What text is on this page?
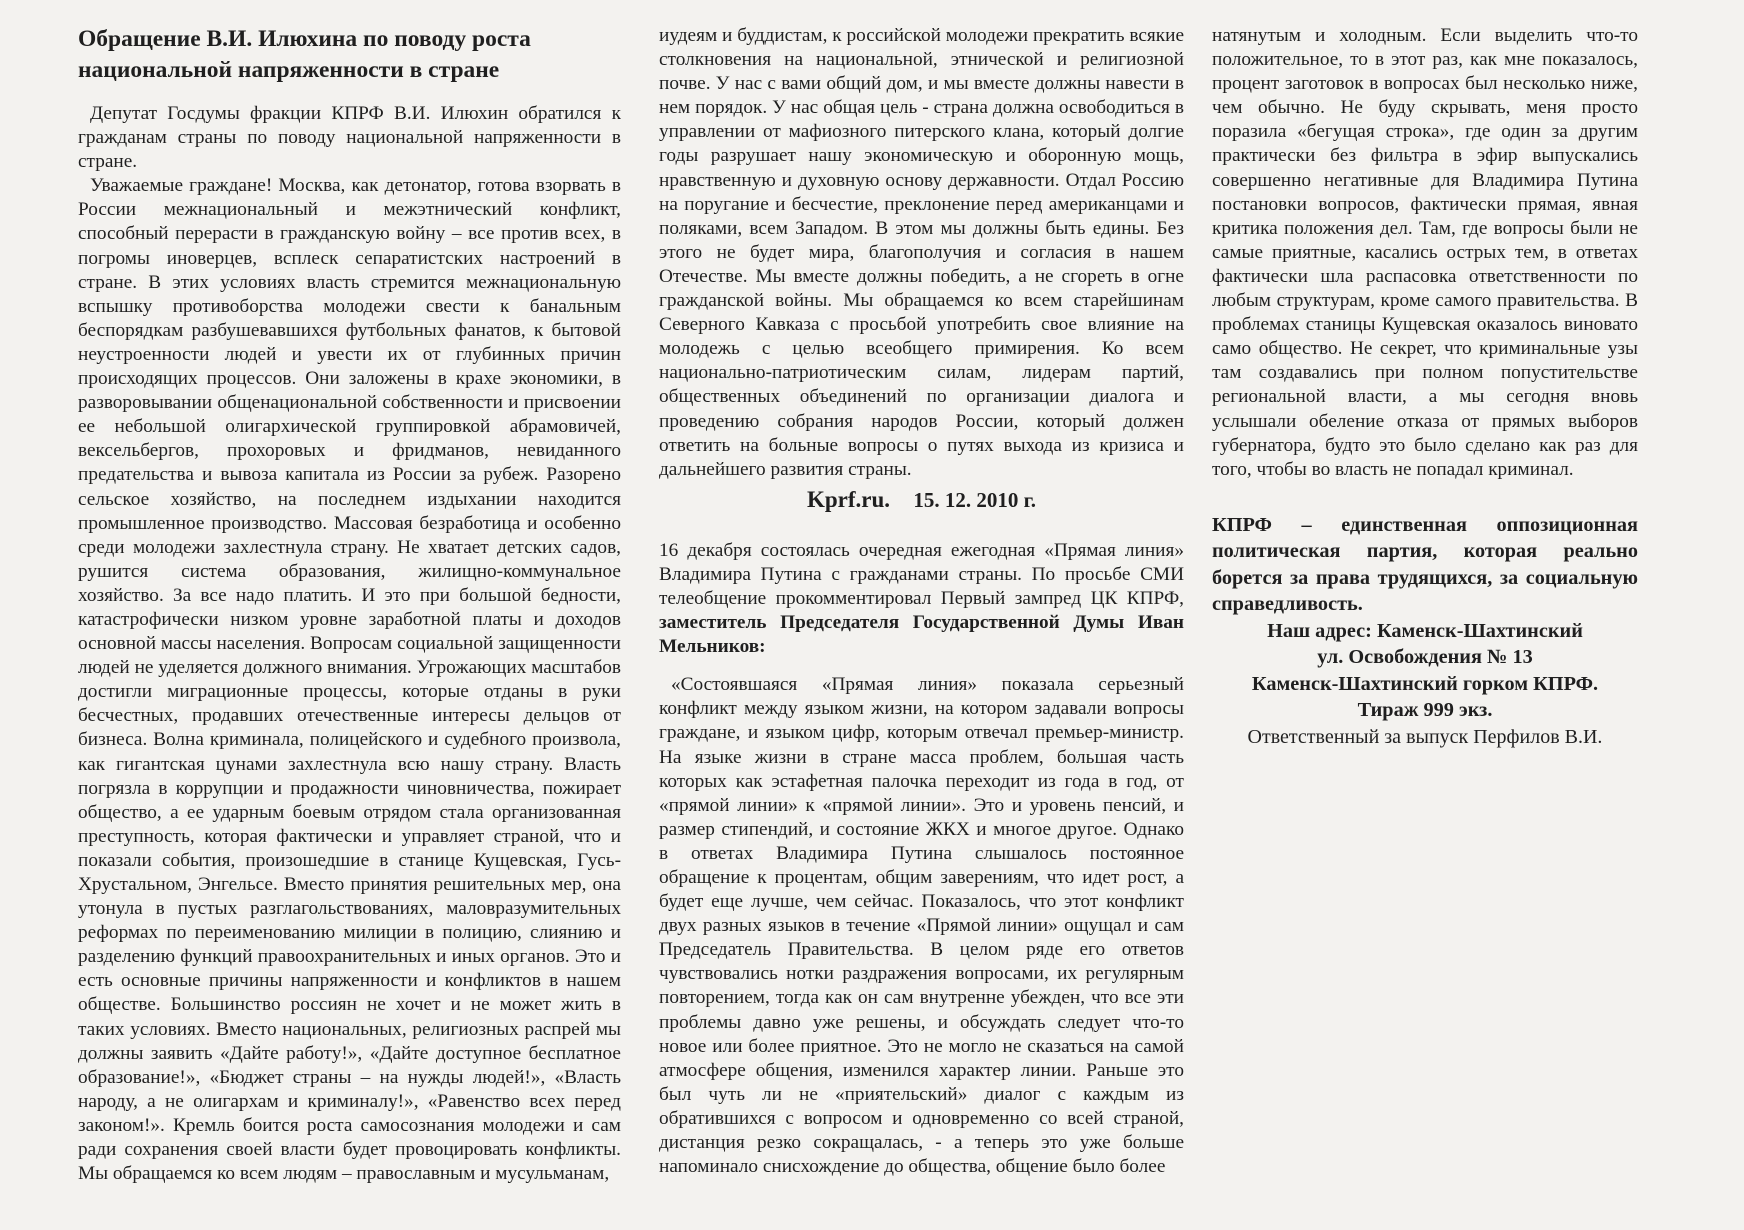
Обращение В.И. Илюхина по поводу роста национальной напряженности в стране

Депутат Госдумы фракции КПРФ В.И. Илюхин обратился к гражданам страны по поводу национальной напряженности в стране.

Уважаемые граждане! Москва, как детонатор, готова взорвать в России межнациональный и межэтнический конфликт, способный перерасти в гражданскую войну – все против всех, в погромы иноверцев, всплеск сепаратистских настроений в стране. В этих условиях власть стремится межнациональную вспышку противоборства молодежи свести к банальным беспорядкам разбушевавшихся футбольных фанатов, к бытовой неустроенности людей и увести их от глубинных причин происходящих процессов. Они заложены в крахе экономики, в разворовывании общенациональной собственности и присвоении ее небольшой олигархической группировкой абрамовичей, вексельбергов, прохоровых и фридманов, невиданного предательства и вывоза капитала из России за рубеж. Разорено сельское хозяйство, на последнем издыхании находится промышленное производство. Массовая безработица и особенно среди молодежи захлестнула страну. Не хватает детских садов, рушится система образования, жилищно-коммунальное хозяйство. За все надо платить. И это при большой бедности, катастрофически низком уровне заработной платы и доходов основной массы населения. Вопросам социальной защищенности людей не уделяется должного внимания. Угрожающих масштабов достигли миграционные процессы, которые отданы в руки бесчестных, продавших отечественные интересы дельцов от бизнеса. Волна криминала, полицейского и судебного произвола, как гигантская цунами захлестнула всю нашу страну. Власть погрязла в коррупции и продажности чиновничества, пожирает общество, а ее ударным боевым отрядом стала организованная преступность, которая фактически и управляет страной, что и показали события, произошедшие в станице Кущевская, Гусь-Хрустальном, Энгельсе. Вместо принятия решительных мер, она утонула в пустых разглагольствованиях, маловразумительных реформах по переименованию милиции в полицию, слиянию и разделению функций правоохранительных и иных органов. Это и есть основные причины напряженности и конфликтов в нашем обществе. Большинство россиян не хочет и не может жить в таких условиях. Вместо национальных, религиозных распрей мы должны заявить «Дайте работу!», «Дайте доступное бесплатное образование!», «Бюджет страны – на нужды людей!», «Власть народу, а не олигархам и криминалу!», «Равенство всех перед законом!». Кремль боится роста самосознания молодежи и сам ради сохранения своей власти будет провоцировать конфликты. Мы обращаемся ко всем людям – православным и мусульманам,

иудеям и буддистам, к российской молодежи прекратить всякие столкновения на национальной, этнической и религиозной почве. У нас с вами общий дом, и мы вместе должны навести в нем порядок. У нас общая цель - страна должна освободиться в управлении от мафиозного питерского клана, который долгие годы разрушает нашу экономическую и оборонную мощь, нравственную и духовную основу державности. Отдал Россию на поругание и бесчестие, преклонение перед американцами и поляками, всем Западом. В этом мы должны быть едины. Без этого не будет мира, благополучия и согласия в нашем Отечестве. Мы вместе должны победить, а не сгореть в огне гражданской войны. Мы обращаемся ко всем старейшинам Северного Кавказа с просьбой употребить свое влияние на молодежь с целью всеобщего примирения. Ко всем национально-патриотическим силам, лидерам партий, общественных объединений по организации диалога и проведению собрания народов России, который должен ответить на больные вопросы о путях выхода из кризиса и дальнейшего развития страны.

Kprf.ru. 15. 12. 2010 г.

16 декабря состоялась очередная ежегодная «Прямая линия» Владимира Путина с гражданами страны. По просьбе СМИ телеобщение прокомментировал Первый зампред ЦК КПРФ, заместитель Председателя Государственной Думы Иван Мельников:

«Состоявшаяся «Прямая линия» показала серьезный конфликт между языком жизни, на котором задавали вопросы граждане, и языком цифр, которым отвечал премьер-министр. На языке жизни в стране масса проблем, большая часть которых как эстафетная палочка переходит из года в год, от «прямой линии» к «прямой линии». Это и уровень пенсий, и размер стипендий, и состояние ЖКХ и многое другое. Однако в ответах Владимира Путина слышалось постоянное обращение к процентам, общим заверениям, что идет рост, а будет еще лучше, чем сейчас. Показалось, что этот конфликт двух разных языков в течение «Прямой линии» ощущал и сам Председатель Правительства. В целом ряде его ответов чувствовались нотки раздражения вопросами, их регулярным повторением, тогда как он сам внутренне убежден, что все эти проблемы давно уже решены, и обсуждать следует что-то новое или более приятное. Это не могло не сказаться на самой атмосфере общения, изменился характер линии. Раньше это был чуть ли не «приятельский» диалог с каждым из обратившихся с вопросом и одновременно со всей страной, дистанция резко сокращалась, - а теперь это уже больше напоминало снисхождение до общества, общение было более

натянутым и холодным. Если выделить что-то положительное, то в этот раз, как мне показалось, процент заготовок в вопросах был несколько ниже, чем обычно. Не буду скрывать, меня просто поразила «бегущая строка», где один за другим практически без фильтра в эфир выпускались совершенно негативные для Владимира Путина постановки вопросов, фактически прямая, явная критика положения дел. Там, где вопросы были не самые приятные, касались острых тем, в ответах фактически шла распасовка ответственности по любым структурам, кроме самого правительства. В проблемах станицы Кущевская оказалось виновато само общество. Не секрет, что криминальные узы там создавались при полном попустительстве региональной власти, а мы сегодня вновь услышали обеление отказа от прямых выборов губернатора, будто это было сделано как раз для того, чтобы во власть не попадал криминал.

КПРФ – единственная оппозиционная политическая партия, которая реально борется за права трудящихся, за социальную справедливость.

Наш адрес: Каменск-Шахтинский

ул. Освобождения № 13

Каменск-Шахтинский горком КПРФ.

Тираж 999 экз.

Ответственный за выпуск Перфилов В.И.
